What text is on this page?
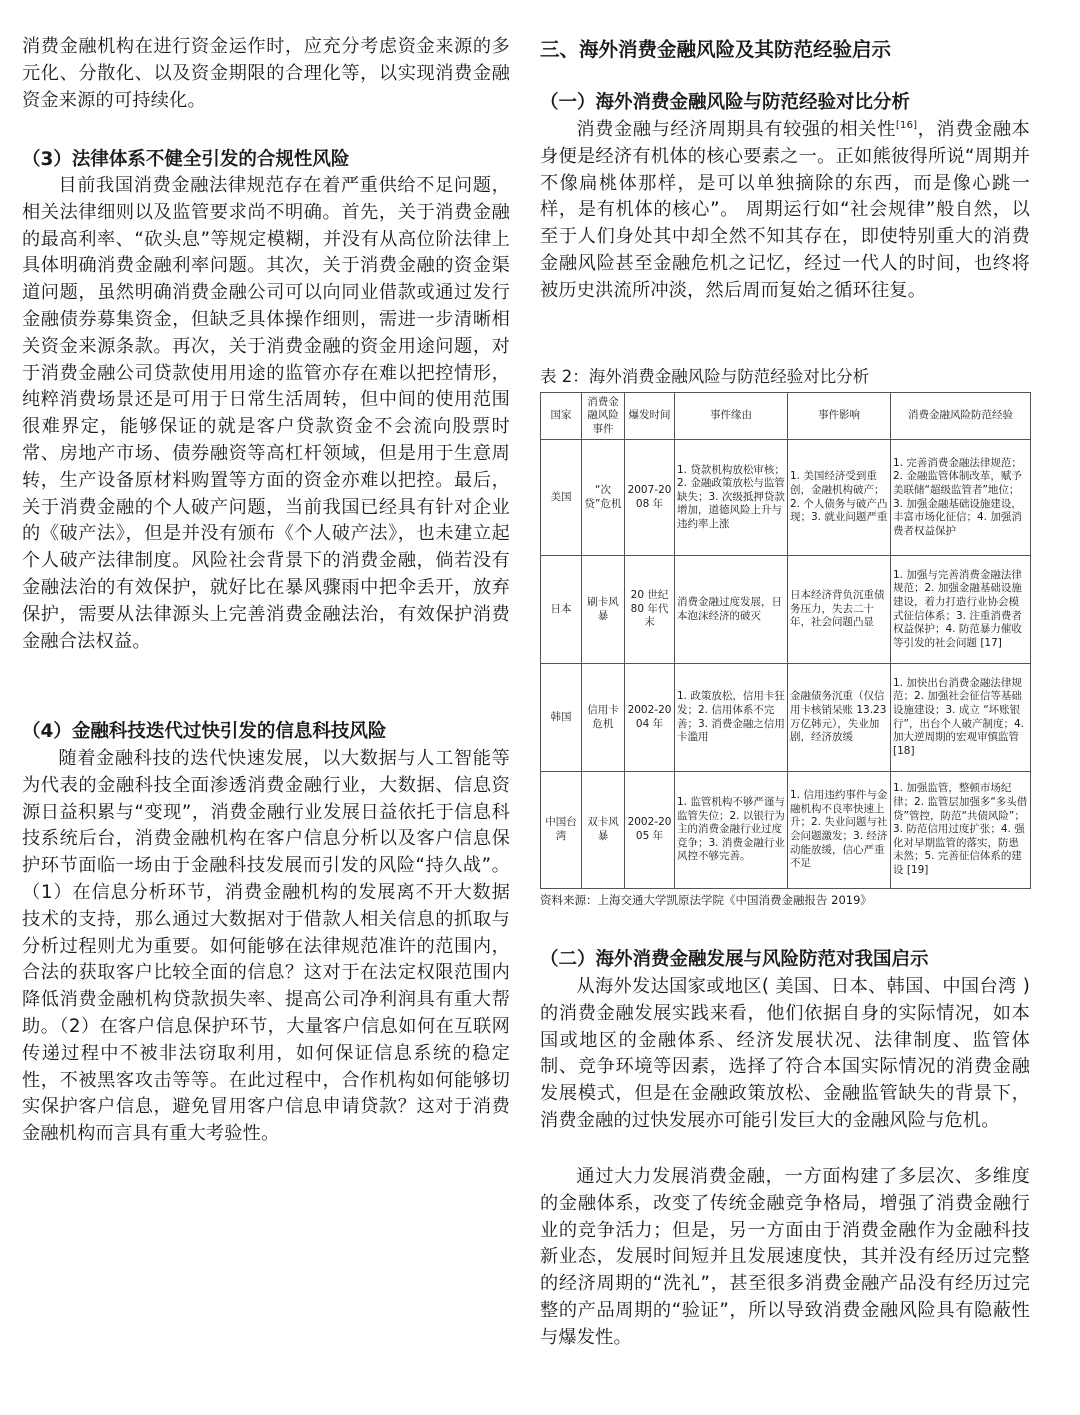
消费金融机构在进行资金运作时，应充分考虑资金来源的多元化、分散化、以及资金期限的合理化等，以实现消费金融资金来源的可持续化。

（3）法律体系不健全引发的合规性风险

目前我国消费金融法律规范存在着严重供给不足问题，相关法律细则以及监管要求尚不明确。首先，关于消费金融的最高利率、“砍头息”等规定模糊，并没有从高位阶法律上具体明确消费金融利率问题。其次，关于消费金融的资金渠道问题，虽然明确消费金融公司可以向同业借款或通过发行金融债券募集资金，但缺乏具体操作细则，需进一步清晰相关资金来源条款。再次，关于消费金融的资金用途问题，对于消费金融公司贷款使用用途的监管亦存在难以把控情形，纯粹消费场景还是可用于日常生活周转，但中间的使用范围很难界定，能够保证的就是客户贷款资金不会流向股票时常、房地产市场、债券融资等高杠杆领域，但是用于生意周转，生产设备原材料购置等方面的资金亦难以把控。最后，关于消费金融的个人破产问题，当前我国已经具有针对企业的《破产法》，但是并没有颁布《个人破产法》，也未建立起个人破产法律制度。风险社会背景下的消费金融，倘若没有金融法治的有效保护，就好比在暴风骤雨中把伞丢开，放弃保护，需要从法律源头上完善消费金融法治，有效保护消费金融合法权益。

（4）金融科技迭代过快引发的信息科技风险

随着金融科技的迭代快速发展，以大数据与人工智能等为代表的金融科技全面渗透消费金融行业，大数据、信息资源日益积累与“变现”，消费金融行业发展日益依托于信息科技系统后台，消费金融机构在客户信息分析以及客户信息保护环节面临一场由于金融科技发展而引发的风险“持久战”。（1）在信息分析环节，消费金融机构的发展离不开大数据技术的支持，那么通过大数据对于借款人相关信息的抓取与分析过程则尤为重要。如何能够在法律规范准许的范围内，合法的获取客户比较全面的信息？这对于在法定权限范围内降低消费金融机构贷款损失率、提高公司净利润具有重大帮助。（2）在客户信息保护环节，大量客户信息如何在互联网传递过程中不被非法窃取利用，如何保证信息系统的稳定性，不被黑客攻击等等。在此过程中，合作机构如何能够切实保护客户信息，避免冒用客户信息申请贷款？这对于消费金融机构而言具有重大考验性。

三、海外消费金融风险及其防范经验启示

（一）海外消费金融风险与防范经验对比分析

消费金融与经济周期具有较强的相关性[16]，消费金融本身便是经济有机体的核心要素之一。正如熊彼得所说“周期并不像扁桃体那样，是可以单独摘除的东西，而是像心跳一样，是有机体的核心”。 周期运行如“社会规律”般自然，以至于人们身处其中却全然不知其存在，即使特别重大的消费金融风险甚至金融危机之记忆，经过一代人的时间，也终将被历史洪流所冲淡，然后周而复始之循环往复。

表 2：海外消费金融风险与防范经验对比分析

国家	消费金融风险事件	爆发时间	事件缘由	事件影响	消费金融风险防范经验
美国	“次贷”危机	2007-2008 年	1. 贷款机构放松审核；2. 金融政策放松与监管缺失；3. 次级抵押贷款增加，道德风险上升与违约率上涨	1. 美国经济受到重创，金融机构破产；2. 个人债务与破产凸现；3. 就业问题严重	1. 完善消费金融法律规范；2. 金融监管体制改革，赋予美联储“超级监管者”地位；3. 加强金融基础设施建设，丰富市场化征信；4. 加强消费者权益保护
日本	刷卡风暴	20 世纪 80 年代末	消费金融过度发展，日本泡沫经济的破灭	日本经济背负沉重债务压力，失去二十年，社会问题凸显	1. 加强与完善消费金融法律规范；2. 加强金融基础设施建设，着力打造行业协会模式征信体系；3. 注重消费者权益保护；4. 防范暴力催收等引发的社会问题 [17]
韩国	信用卡危机	2002-2004 年	1. 政策放松，信用卡狂发；2. 信用体系不完善；3. 消费金融之信用卡滥用	金融债务沉重（仅信用卡核销呆账 13.23 万亿韩元），失业加剧，经济放缓	1. 加快出台消费金融法律规范；2. 加强社会征信等基础设施建设；3. 成立 “坏账银行”，出台个人破产制度；4. 加大逆周期的宏观审慎监管 [18]
中国台湾	双卡风暴	2002-2005 年	1. 监管机构不够严谨与监管失位；2. 以银行为主的消费金融行业过度竞争；3. 消费金融行业风控不够完善。	1. 信用违约事件与金融机构不良率快速上升；2. 失业问题与社会问题激发；3. 经济动能放缓，信心严重不足	1. 加强监管，整顿市场纪律；2. 监管层加强多“多头借贷”管控，防范“共债风险”；3. 防范信用过度扩张；4. 强化对早期监管的落实，防患未然；5. 完善征信体系的建设 [19]

资料来源：上海交通大学凯原法学院《中国消费金融报告 2019》

（二）海外消费金融发展与风险防范对我国启示

从海外发达国家或地区( 美国、日本、韩国、中国台湾 ) 的消费金融发展实践来看，他们依据自身的实际情况，如本国或地区的金融体系、经济发展状况、法律制度、监管体制、竞争环境等因素，选择了符合本国实际情况的消费金融发展模式，但是在金融政策放松、金融监管缺失的背景下，消费金融的过快发展亦可能引发巨大的金融风险与危机。

通过大力发展消费金融，一方面构建了多层次、多维度的金融体系，改变了传统金融竞争格局，增强了消费金融行业的竞争活力；但是，另一方面由于消费金融作为金融科技新业态，发展时间短并且发展速度快，其并没有经历过完整的经济周期的“洗礼”，甚至很多消费金融产品没有经历过完整的产品周期的“验证”，所以导致消费金融风险具有隐蔽性与爆发性。
